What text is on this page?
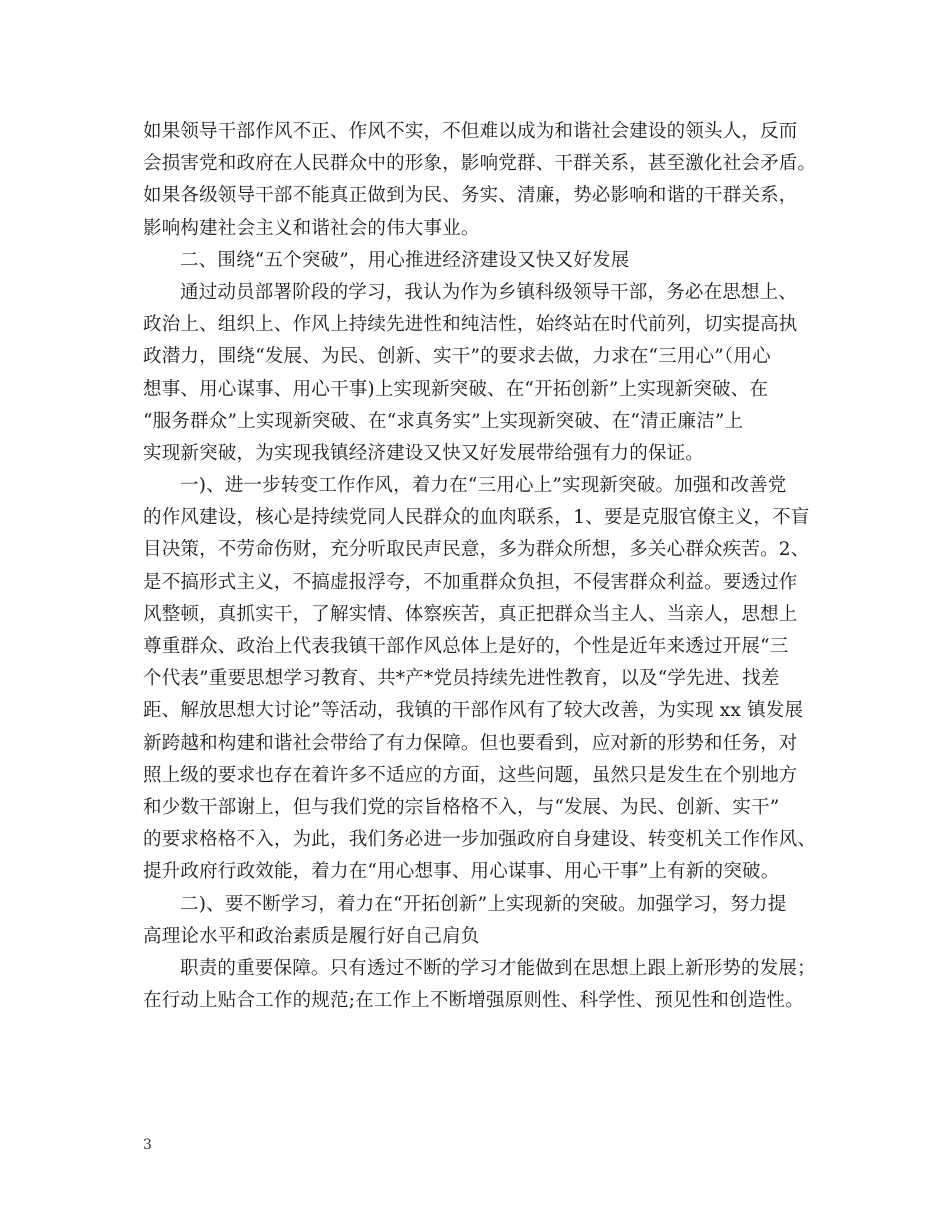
如果领导干部作风不正、作风不实，不但难以成为和谐社会建设的领头人，反而
会损害党和政府在人民群众中的形象，影响党群、干群关系，甚至激化社会矛盾。
如果各级领导干部不能真正做到为民、务实、清廉，势必影响和谐的干群关系，
影响构建社会主义和谐社会的伟大事业。
二、围绕“五个突破”，用心推进经济建设又快又好发展
通过动员部署阶段的学习，我认为作为乡镇科级领导干部，务必在思想上、
政治上、组织上、作风上持续先进性和纯洁性，始终站在时代前列，切实提高执
政潜力，围绕“发展、为民、创新、实干”的要求去做，力求在“三用心”（用心
想事、用心谋事、用心干事)上实现新突破、在“开拓创新”上实现新突破、在
“服务群众”上实现新突破、在“求真务实”上实现新突破、在“清正廉洁”上
实现新突破，为实现我镇经济建设又快又好发展带给强有力的保证。
一)、进一步转变工作作风，着力在“三用心上”实现新突破。加强和改善党
的作风建设，核心是持续党同人民群众的血肉联系，1、要是克服官僚主义，不盲
目决策，不劳命伤财，充分听取民声民意，多为群众所想，多关心群众疾苦。2、
是不搞形式主义，不搞虚报浮夸，不加重群众负担，不侵害群众利益。要透过作
风整顿，真抓实干，了解实情、体察疾苦，真正把群众当主人、当亲人，思想上
尊重群众、政治上代表我镇干部作风总体上是好的，个性是近年来透过开展“三
个代表”重要思想学习教育、共*产*党员持续先进性教育，以及“学先进、找差
距、解放思想大讨论”等活动，我镇的干部作风有了较大改善，为实现 xx 镇发展
新跨越和构建和谐社会带给了有力保障。但也要看到，应对新的形势和任务，对
照上级的要求也存在着许多不适应的方面，这些问题，虽然只是发生在个别地方
和少数干部谢上，但与我们党的宗旨格格不入，与“发展、为民、创新、实干”
的要求格格不入，为此，我们务必进一步加强政府自身建设、转变机关工作作风、
提升政府行政效能，着力在“用心想事、用心谋事、用心干事”上有新的突破。
二)、要不断学习，着力在“开拓创新”上实现新的突破。加强学习，努力提
高理论水平和政治素质是履行好自己肩负
职责的重要保障。只有透过不断的学习才能做到在思想上跟上新形势的发展；
在行动上贴合工作的规范;在工作上不断增强原则性、科学性、预见性和创造性。
3
